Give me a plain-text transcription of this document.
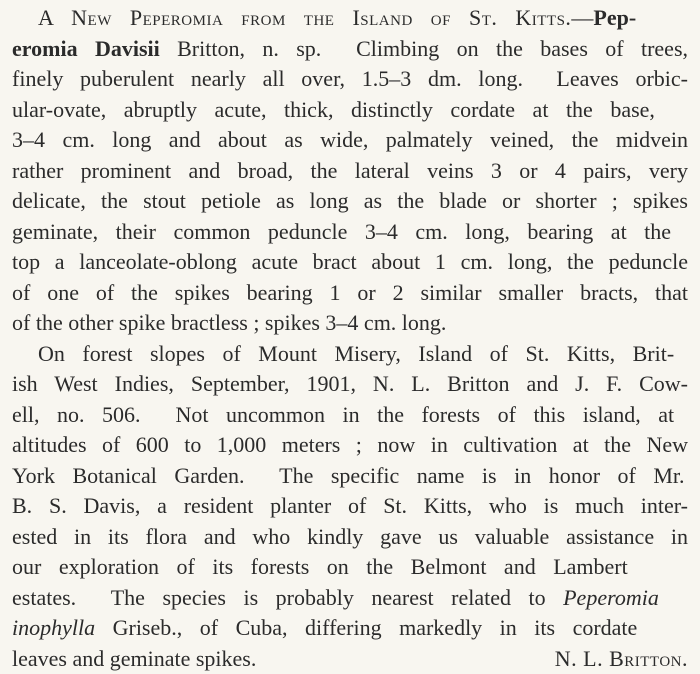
A New Peperomia from the Island of St. Kitts.—Pep-
eromia Davisii Britton, n. sp.  Climbing on the bases of trees,
finely puberulent nearly all over, 1.5–3 dm. long.  Leaves orbic-
ular-ovate, abruptly acute, thick, distinctly cordate at the base,
3–4 cm. long and about as wide, palmately veined, the midvein
rather prominent and broad, the lateral veins 3 or 4 pairs, very
delicate, the stout petiole as long as the blade or shorter ; spikes
geminate, their common peduncle 3–4 cm. long, bearing at the
top a lanceolate-oblong acute bract about 1 cm. long, the peduncle
of one of the spikes bearing 1 or 2 similar smaller bracts, that
of the other spike bractless ; spikes 3–4 cm. long.
On forest slopes of Mount Misery, Island of St. Kitts, Brit-
ish West Indies, September, 1901, N. L. Britton and J. F. Cow-
ell, no. 506.  Not uncommon in the forests of this island, at
altitudes of 600 to 1,000 meters ; now in cultivation at the New
York Botanical Garden.  The specific name is in honor of Mr.
B. S. Davis, a resident planter of St. Kitts, who is much inter-
ested in its flora and who kindly gave us valuable assistance in
our exploration of its forests on the Belmont and Lambert
estates.  The species is probably nearest related to Peperomia
inophylla Griseb., of Cuba, differing markedly in its cordate
leaves and geminate spikes.	N. L. Britton.
